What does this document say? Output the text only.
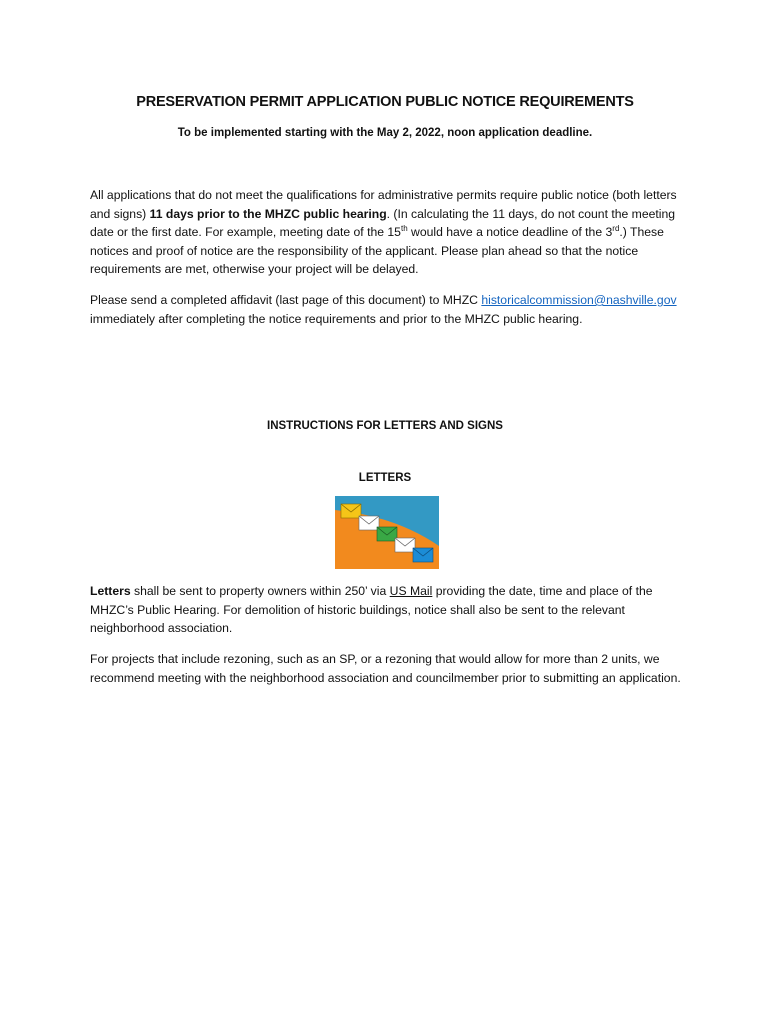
PRESERVATION PERMIT APPLICATION PUBLIC NOTICE REQUIREMENTS
To be implemented starting with the May 2, 2022, noon application deadline.

All applications that do not meet the qualifications for administrative permits require public notice (both letters and signs) 11 days prior to the MHZC public hearing. (In calculating the 11 days, do not count the meeting date or the first date. For example, meeting date of the 15th would have a notice deadline of the 3rd.) These notices and proof of notice are the responsibility of the applicant. Please plan ahead so that the notice requirements are met, otherwise your project will be delayed.

Please send a completed affidavit (last page of this document) to MHZC historicalcommission@nashville.gov immediately after completing the notice requirements and prior to the MHZC public hearing.

INSTRUCTIONS FOR LETTERS AND SIGNS
LETTERS

Letters shall be sent to property owners within 250’ via US Mail providing the date, time and place of the MHZC’s Public Hearing. For demolition of historic buildings, notice shall also be sent to the relevant neighborhood association.

For projects that include rezoning, such as an SP, or a rezoning that would allow for more than 2 units, we recommend meeting with the neighborhood association and councilmember prior to submitting an application.
